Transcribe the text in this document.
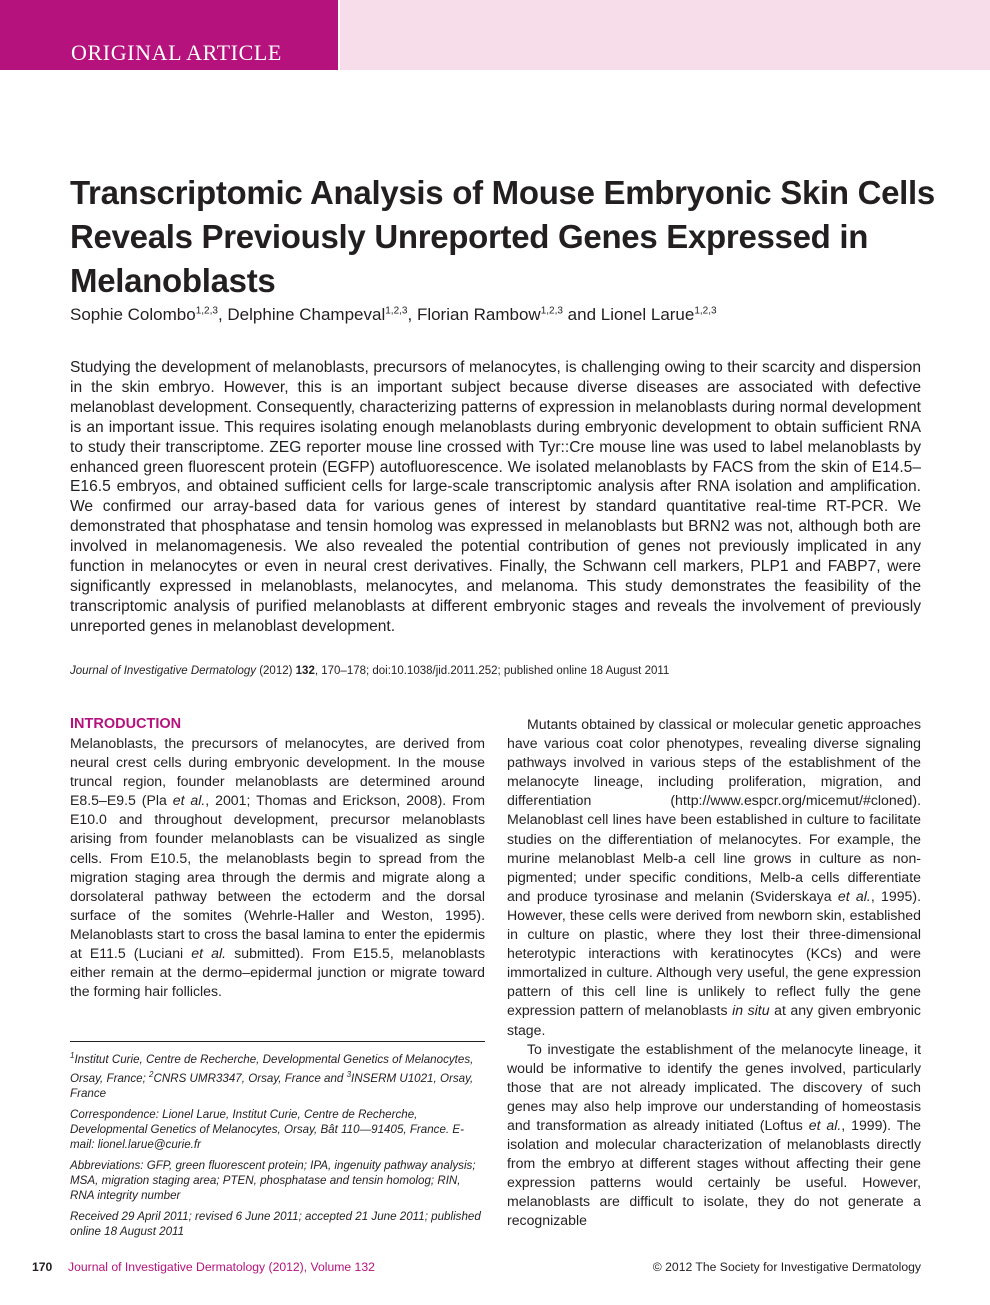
ORIGINAL ARTICLE
Transcriptomic Analysis of Mouse Embryonic Skin Cells Reveals Previously Unreported Genes Expressed in Melanoblasts
Sophie Colombo$^{1,2,3}$, Delphine Champeval$^{1,2,3}$, Florian Rambow$^{1,2,3}$ and Lionel Larue$^{1,2,3}$

Studying the development of melanoblasts, precursors of melanocytes, is challenging owing to their scarcity and dispersion in the skin embryo. However, this is an important subject because diverse diseases are associated with defective melanoblast development. Consequently, characterizing patterns of expression in melanoblasts during normal development is an important issue. This requires isolating enough melanoblasts during embryonic development to obtain sufficient RNA to study their transcriptome. ZEG reporter mouse line crossed with Tyr::Cre mouse line was used to label melanoblasts by enhanced green fluorescent protein (EGFP) autofluorescence. We isolated melanoblasts by FACS from the skin of E14.5–E16.5 embryos, and obtained sufficient cells for large-scale transcriptomic analysis after RNA isolation and amplification. We confirmed our array-based data for various genes of interest by standard quantitative real-time RT-PCR. We demonstrated that phosphatase and tensin homolog was expressed in melanoblasts but BRN2 was not, although both are involved in melanomagenesis. We also revealed the potential contribution of genes not previously implicated in any function in melanocytes or even in neural crest derivatives. Finally, the Schwann cell markers, PLP1 and FABP7, were significantly expressed in melanoblasts, melanocytes, and melanoma. This study demonstrates the feasibility of the transcriptomic analysis of purified melanoblasts at different embryonic stages and reveals the involvement of previously unreported genes in melanoblast development.

Journal of Investigative Dermatology (2012) 132, 170–178; doi:10.1038/jid.2011.252; published online 18 August 2011
INTRODUCTION

Melanoblasts, the precursors of melanocytes, are derived from neural crest cells during embryonic development. In the mouse truncal region, founder melanoblasts are determined around E8.5–E9.5 (Pla et al., 2001; Thomas and Erickson, 2008). From E10.0 and throughout development, precursor melanoblasts arising from founder melanoblasts can be visualized as single cells. From E10.5, the melanoblasts begin to spread from the migration staging area through the dermis and migrate along a dorsolateral pathway between the ectoderm and the dorsal surface of the somites (Wehrle-Haller and Weston, 1995). Melanoblasts start to cross the basal lamina to enter the epidermis at E11.5 (Luciani et al. submitted). From E15.5, melanoblasts either remain at the dermo–epidermal junction or migrate toward the forming hair follicles.

Mutants obtained by classical or molecular genetic approaches have various coat color phenotypes, revealing diverse signaling pathways involved in various steps of the establishment of the melanocyte lineage, including proliferation, migration, and differentiation (http://www.espcr.org/micemut/#cloned). Melanoblast cell lines have been established in culture to facilitate studies on the differentiation of melanocytes. For example, the murine melanoblast Melb-a cell line grows in culture as non-pigmented; under specific conditions, Melb-a cells differentiate and produce tyrosinase and melanin (Sviderskaya et al., 1995). However, these cells were derived from newborn skin, established in culture on plastic, where they lost their three-dimensional heterotypic interactions with keratinocytes (KCs) and were immortalized in culture. Although very useful, the gene expression pattern of this cell line is unlikely to reflect fully the gene expression pattern of melanoblasts in situ at any given embryonic stage.

To investigate the establishment of the melanocyte lineage, it would be informative to identify the genes involved, particularly those that are not already implicated. The discovery of such genes may also help improve our understanding of homeostasis and transformation as already initiated (Loftus et al., 1999). The isolation and molecular characterization of melanoblasts directly from the embryo at different stages without affecting their gene expression patterns would certainly be useful. However, melanoblasts are difficult to isolate, they do not generate a recognizable

$^1$Institut Curie, Centre de Recherche, Developmental Genetics of Melanocytes, Orsay, France; $^2$CNRS UMR3347, Orsay, France and $^3$INSERM U1021, Orsay, France

Correspondence: Lionel Larue, Institut Curie, Centre de Recherche, Developmental Genetics of Melanocytes, Orsay, Bât 110—91405, France. E-mail: lionel.larue@curie.fr

Abbreviations: GFP, green fluorescent protein; IPA, ingenuity pathway analysis; MSA, migration staging area; PTEN, phosphatase and tensin homolog; RIN, RNA integrity number

Received 29 April 2011; revised 6 June 2011; accepted 21 June 2011; published online 18 August 2011

170 Journal of Investigative Dermatology (2012), Volume 132	© 2012 The Society for Investigative Dermatology
